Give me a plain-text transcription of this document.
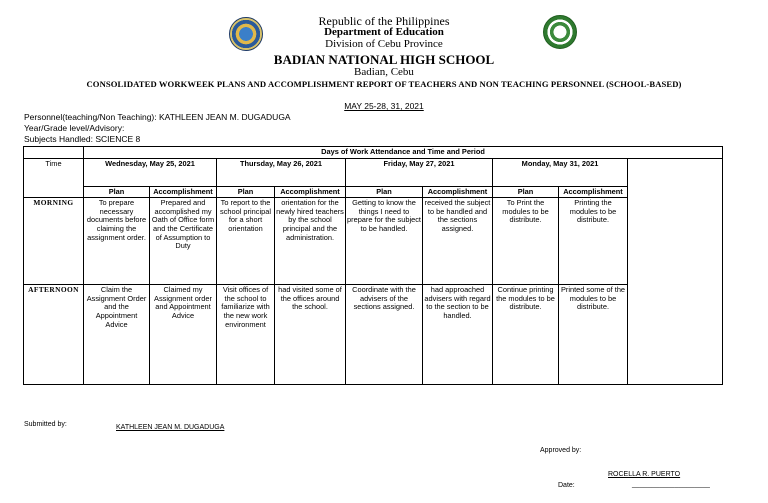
Republic of the Philippines
Department of Education
Division of Cebu Province
BADIAN NATIONAL HIGH SCHOOL
Badian, Cebu
CONSOLIDATED WORKWEEK PLANS AND ACCOMPLISHMENT REPORT OF TEACHERS AND NON TEACHING PERSONNEL (SCHOOL-BASED)
MAY 25-28, 31, 2021
Personnel(teaching/Non Teaching): KATHLEEN JEAN M. DUGADUGA
Year/Grade level/Advisory:
Subjects Handled: SCIENCE 8
	Days of Work Attendance and Time and Period									
Time	Wednesday, May 25, 2021		Thursday, May 26, 2021		Friday, May 27, 2021		Monday, May 31, 2021			
	Plan	Accomplishment	Plan	Accomplishment	Plan	Accomplishment	Plan	Accomplishment		
MORNING	To prepare necessary documents before claiming the assignment order.	Prepared and accomplished my Oath of Office form and the Certificate of Assumption to Duty	To report to the school principal for a short orientation	orientation for the newly hired teachers by the school principal and the administration.	Getting to know the things I need to prepare for the subject to be handled.	received the subject to be handled and the sections assigned.	To Print the modules to be distribute.	Printing the modules to be distribute.		
AFTERNOON	Claim the Assignment Order and the Appointment Advice	Claimed my Assignment order and Appointment Advice	Visit offices of the school to familiarize with the new work environment	had visited some of the offices around the school.	Coordinate with the advisers of the sections assigned.	had approached advisers with regard to the section to be handled.	Continue printing the modules to be distribute.	Printed some of the modules to be distribute.		
Submitted by:	KATHLEEN JEAN M. DUGADUGA
Approved by:
ROCELLA R. PUERTO
Date:	____________________
